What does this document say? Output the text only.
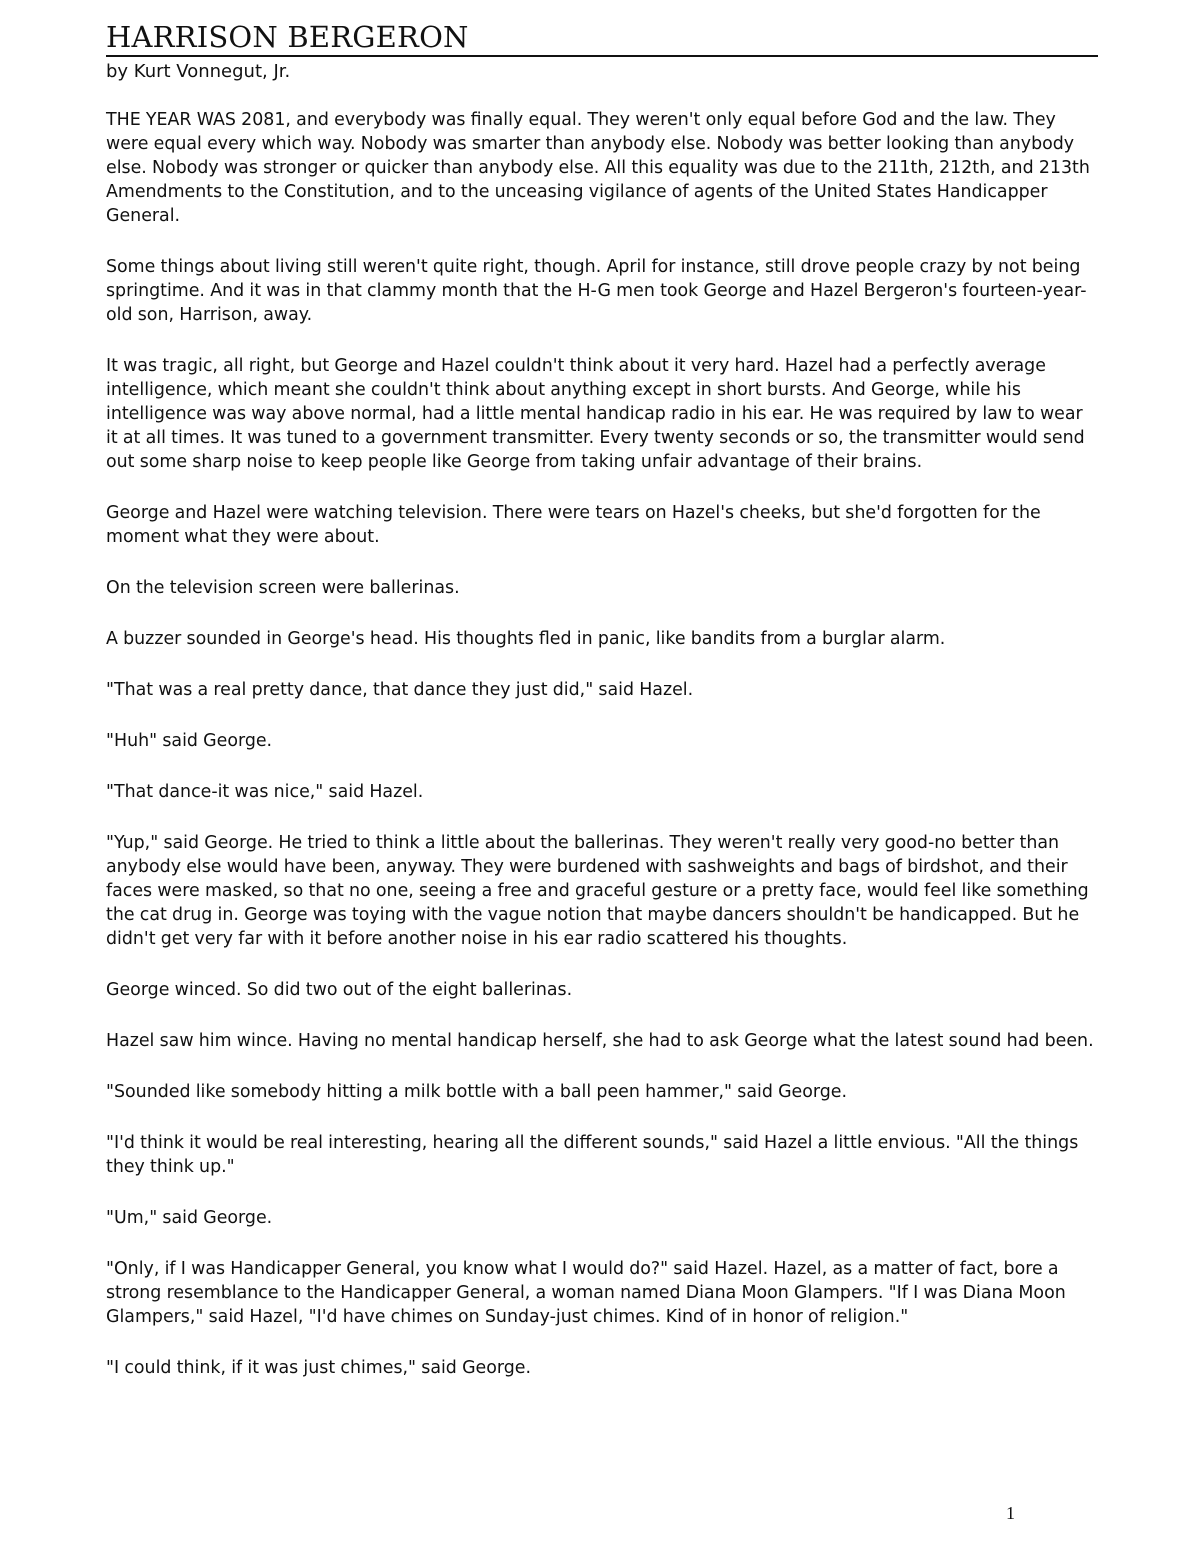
HARRISON BERGERON

by Kurt Vonnegut, Jr.

THE YEAR WAS 2081, and everybody was finally equal. They weren't only equal before God and the law. They were equal every which way. Nobody was smarter than anybody else. Nobody was better looking than anybody else. Nobody was stronger or quicker than anybody else. All this equality was due to the 211th, 212th, and 213th Amendments to the Constitution, and to the unceasing vigilance of agents of the United States Handicapper General.

Some things about living still weren't quite right, though. April for instance, still drove people crazy by not being springtime. And it was in that clammy month that the H-G men took George and Hazel Bergeron's fourteen-year-old son, Harrison, away.

It was tragic, all right, but George and Hazel couldn't think about it very hard. Hazel had a perfectly average intelligence, which meant she couldn't think about anything except in short bursts. And George, while his intelligence was way above normal, had a little mental handicap radio in his ear. He was required by law to wear it at all times. It was tuned to a government transmitter. Every twenty seconds or so, the transmitter would send out some sharp noise to keep people like George from taking unfair advantage of their brains.

George and Hazel were watching television. There were tears on Hazel's cheeks, but she'd forgotten for the moment what they were about.

On the television screen were ballerinas.

A buzzer sounded in George's head. His thoughts fled in panic, like bandits from a burglar alarm.

"That was a real pretty dance, that dance they just did," said Hazel.

"Huh" said George.

"That dance-it was nice," said Hazel.

"Yup," said George. He tried to think a little about the ballerinas. They weren't really very good-no better than anybody else would have been, anyway. They were burdened with sashweights and bags of birdshot, and their faces were masked, so that no one, seeing a free and graceful gesture or a pretty face, would feel like something the cat drug in. George was toying with the vague notion that maybe dancers shouldn't be handicapped. But he didn't get very far with it before another noise in his ear radio scattered his thoughts.

George winced. So did two out of the eight ballerinas.

Hazel saw him wince. Having no mental handicap herself, she had to ask George what the latest sound had been.

"Sounded like somebody hitting a milk bottle with a ball peen hammer," said George.

"I'd think it would be real interesting, hearing all the different sounds," said Hazel a little envious. "All the things they think up."

"Um," said George.

"Only, if I was Handicapper General, you know what I would do?" said Hazel. Hazel, as a matter of fact, bore a strong resemblance to the Handicapper General, a woman named Diana Moon Glampers. "If I was Diana Moon Glampers," said Hazel, "I'd have chimes on Sunday-just chimes. Kind of in honor of religion."

"I could think, if it was just chimes," said George.

1
